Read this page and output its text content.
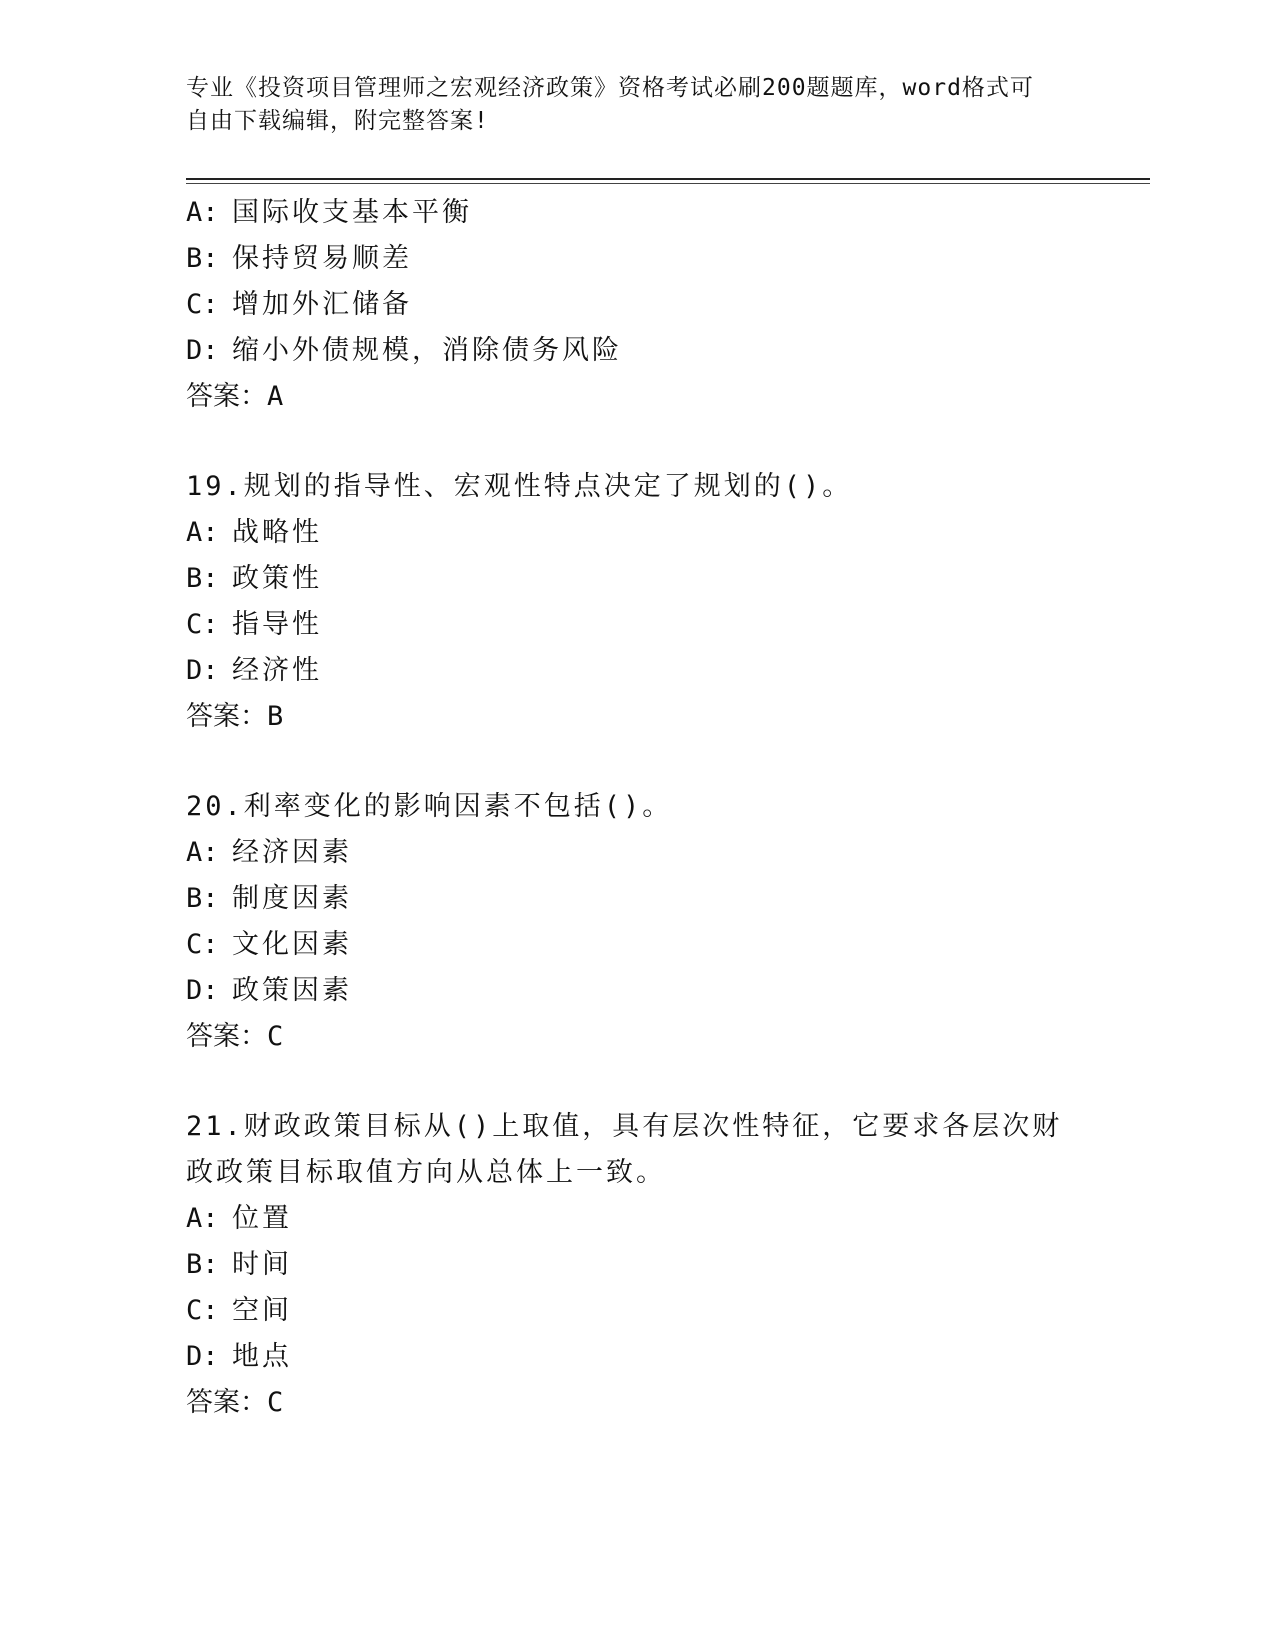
专业《投资项目管理师之宏观经济政策》资格考试必刷200题题库，word格式可
自由下载编辑，附完整答案!
A: 国际收支基本平衡
B: 保持贸易顺差
C: 增加外汇储备
D: 缩小外债规模，消除债务风险
答案：A
19.规划的指导性、宏观性特点决定了规划的()。
A: 战略性
B: 政策性
C: 指导性
D: 经济性
答案：B
20.利率变化的影响因素不包括()。
A: 经济因素
B: 制度因素
C: 文化因素
D: 政策因素
答案：C
21.财政政策目标从()上取值，具有层次性特征，它要求各层次财政政策目标取值方向从总体上一致。
A: 位置
B: 时间
C: 空间
D: 地点
答案：C
